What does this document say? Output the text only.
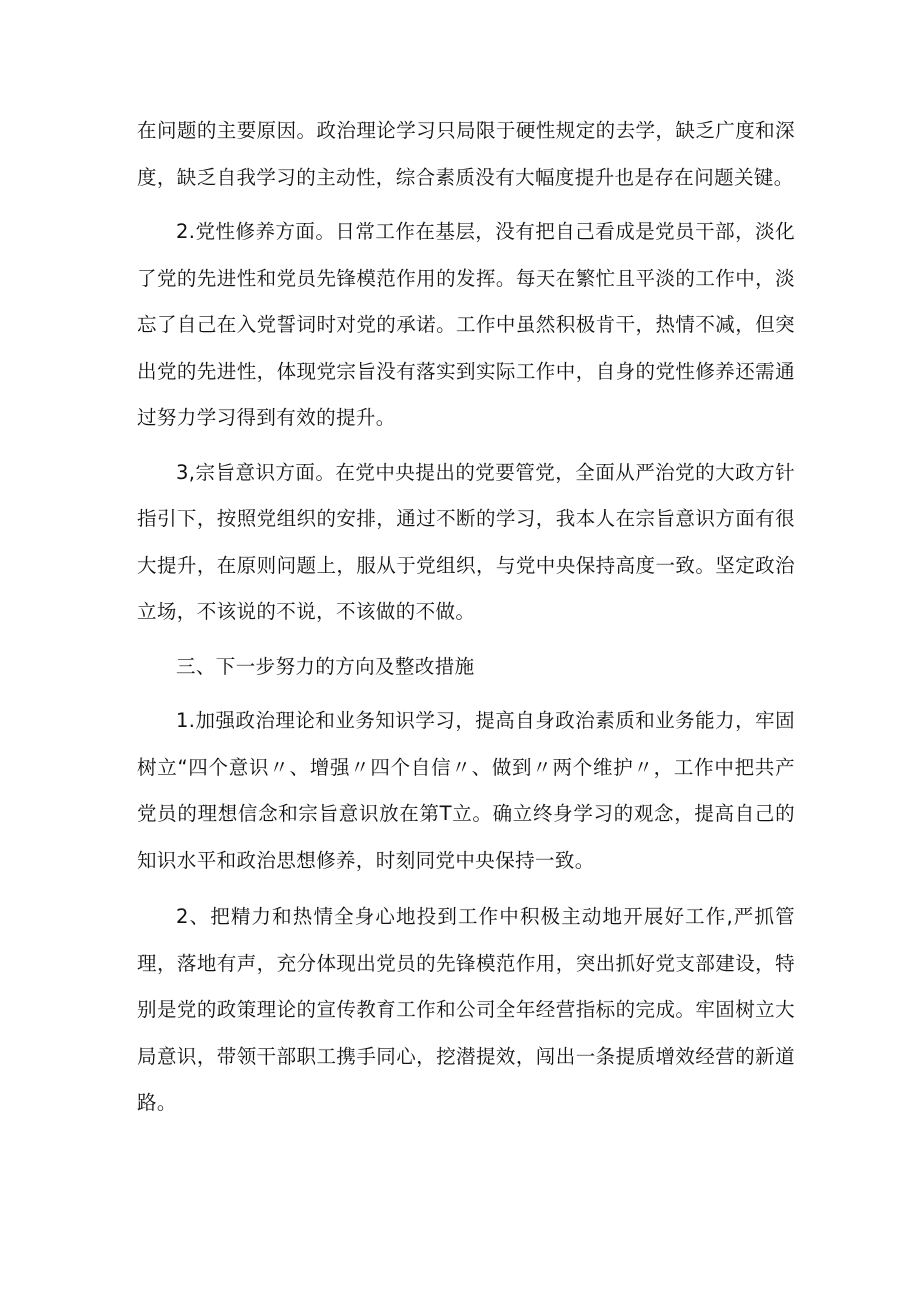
在问题的主要原因。政治理论学习只局限于硬性规定的去学，缺乏广度和深度，缺乏自我学习的主动性，综合素质没有大幅度提升也是存在问题关键。

2.党性修养方面。日常工作在基层，没有把自己看成是党员干部，淡化了党的先进性和党员先锋模范作用的发挥。每天在繁忙且平淡的工作中，淡忘了自己在入党誓词时对党的承诺。工作中虽然积极肯干，热情不减，但突出党的先进性，体现党宗旨没有落实到实际工作中，自身的党性修养还需通过努力学习得到有效的提升。

3,宗旨意识方面。在党中央提出的党要管党，全面从严治党的大政方针指引下，按照党组织的安排，通过不断的学习，我本人在宗旨意识方面有很大提升，在原则问题上，服从于党组织，与党中央保持高度一致。坚定政治立场，不该说的不说，不该做的不做。

三、下一步努力的方向及整改措施

1.加强政治理论和业务知识学习，提高自身政治素质和业务能力，牢固树立“四个意识〃、增强〃四个自信〃、做到〃两个维护〃，工作中把共产党员的理想信念和宗旨意识放在第T立。确立终身学习的观念，提高自己的知识水平和政治思想修养，时刻同党中央保持一致。

2、把精力和热情全身心地投到工作中积极主动地开展好工作,严抓管理，落地有声，充分体现出党员的先锋模范作用，突出抓好党支部建设，特别是党的政策理论的宣传教育工作和公司全年经营指标的完成。牢固树立大局意识，带领干部职工携手同心，挖潜提效，闯出一条提质增效经营的新道路。
